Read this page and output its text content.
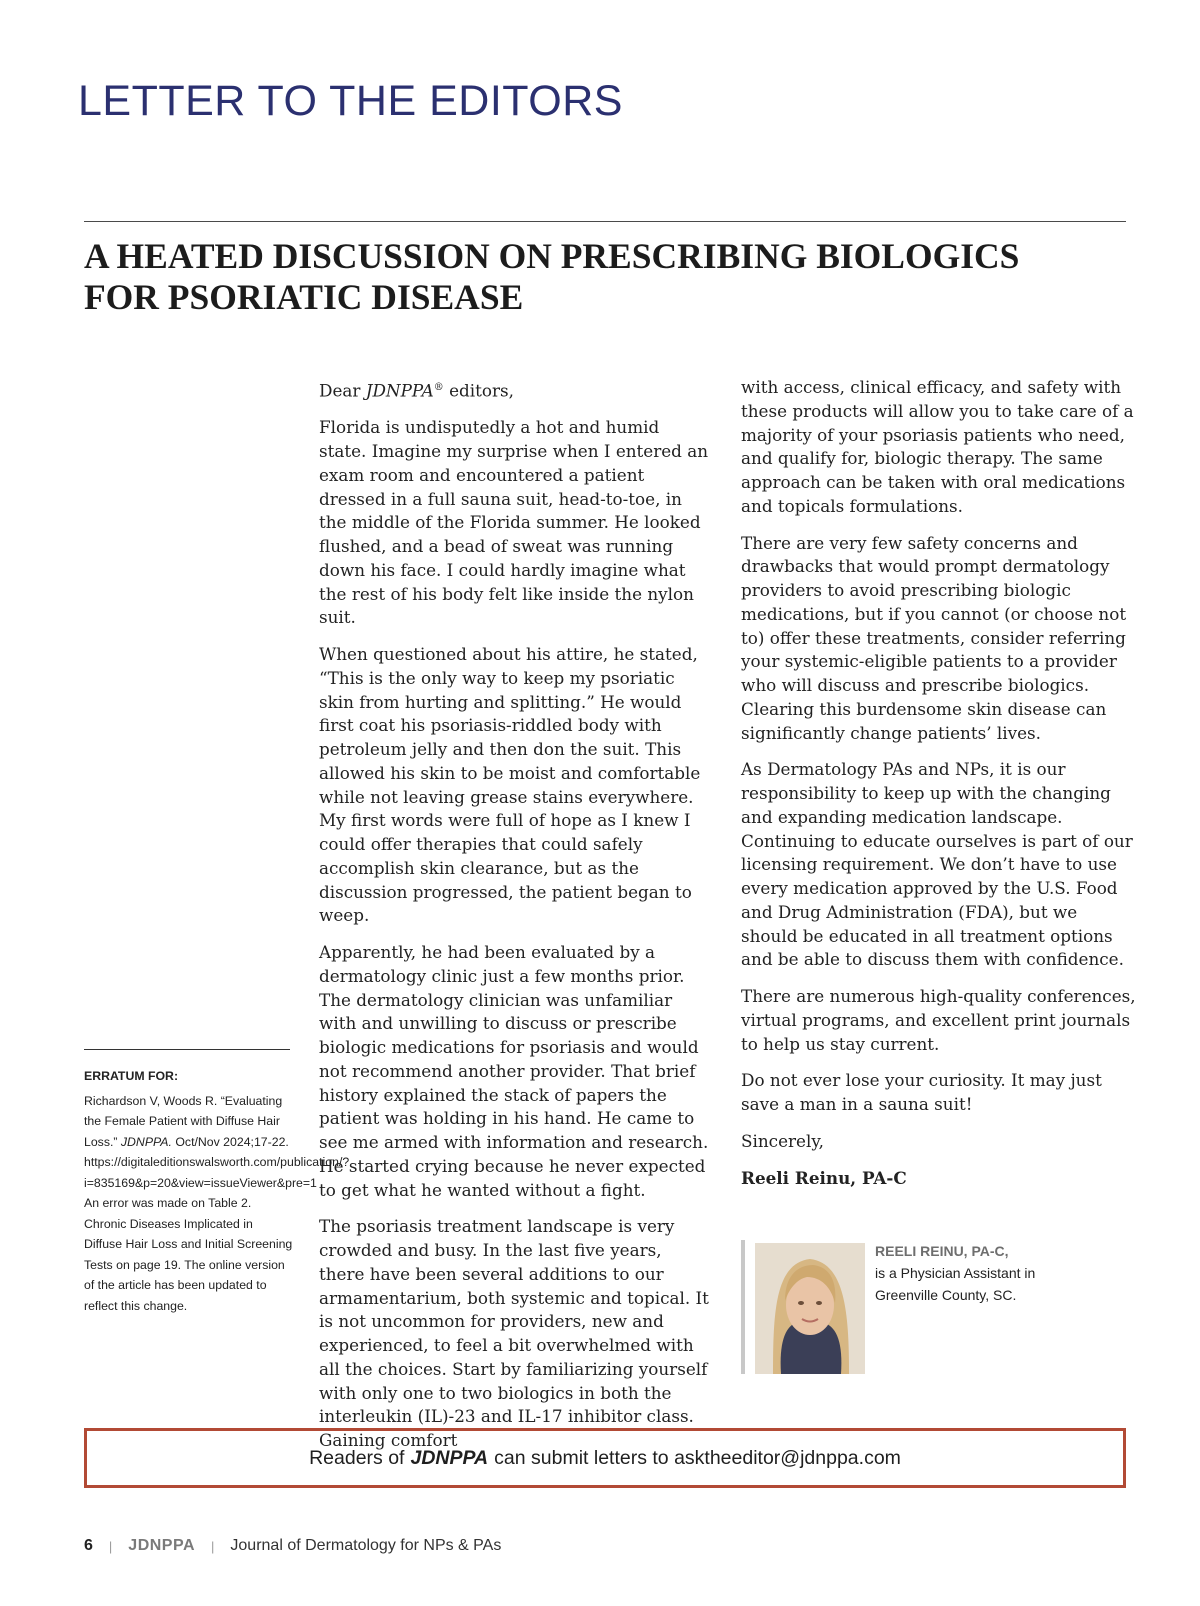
LETTER TO THE EDITORS
A HEATED DISCUSSION ON PRESCRIBING BIOLOGICS
FOR PSORIATIC DISEASE
ERRATUM FOR:

Richardson V, Woods R. “Evaluating the Female Patient with Diffuse Hair Loss.” JDNPPA. Oct/Nov 2024;17-22. https://digitaleditionswalsworth.com/publication/?i=835169&p=20&view=issueViewer&pre=1

An error was made on Table 2. Chronic Diseases Implicated in Diffuse Hair Loss and Initial Screening Tests on page 19. The online version of the article has been updated to reflect this change.

Dear JDNPPA® editors,

Florida is undisputedly a hot and humid state. Imagine my surprise when I entered an exam room and encountered a patient dressed in a full sauna suit, head-to-toe, in the middle of the Florida summer. He looked flushed, and a bead of sweat was running down his face. I could hardly imagine what the rest of his body felt like inside the nylon suit.

When questioned about his attire, he stated, “This is the only way to keep my psoriatic skin from hurting and splitting.” He would first coat his psoriasis-riddled body with petroleum jelly and then don the suit. This allowed his skin to be moist and comfortable while not leaving grease stains everywhere. My first words were full of hope as I knew I could offer therapies that could safely accomplish skin clearance, but as the discussion progressed, the patient began to weep.

Apparently, he had been evaluated by a dermatology clinic just a few months prior. The dermatology clinician was unfamiliar with and unwilling to discuss or prescribe biologic medications for psoriasis and would not recommend another provider. That brief history explained the stack of papers the patient was holding in his hand. He came to see me armed with information and research. He started crying because he never expected to get what he wanted without a fight.

The psoriasis treatment landscape is very crowded and busy. In the last five years, there have been several additions to our armamentarium, both systemic and topical. It is not uncommon for providers, new and experienced, to feel a bit overwhelmed with all the choices. Start by familiarizing yourself with only one to two biologics in both the interleukin (IL)-23 and IL-17 inhibitor class. Gaining comfort

with access, clinical efficacy, and safety with these products will allow you to take care of a majority of your psoriasis patients who need, and qualify for, biologic therapy. The same approach can be taken with oral medications and topicals formulations.

There are very few safety concerns and drawbacks that would prompt dermatology providers to avoid prescribing biologic medications, but if you cannot (or choose not to) offer these treatments, consider referring your systemic-eligible patients to a provider who will discuss and prescribe biologics. Clearing this burdensome skin disease can significantly change patients’ lives.

As Dermatology PAs and NPs, it is our responsibility to keep up with the changing and expanding medication landscape. Continuing to educate ourselves is part of our licensing requirement. We don’t have to use every medication approved by the U.S. Food and Drug Administration (FDA), but we should be educated in all treatment options and be able to discuss them with confidence.

There are numerous high-quality conferences, virtual programs, and excellent print journals to help us stay current.

Do not ever lose your curiosity. It may just save a man in a sauna suit!

Sincerely,

Reeli Reinu, PA-C

REELI REINU, PA-C,
is a Physician Assistant in
Greenville County, SC.
Readers of JDNPPA can submit letters to asktheeditor@jdnppa.com
6 | JDNPPA | Journal of Dermatology for NPs & PAs
